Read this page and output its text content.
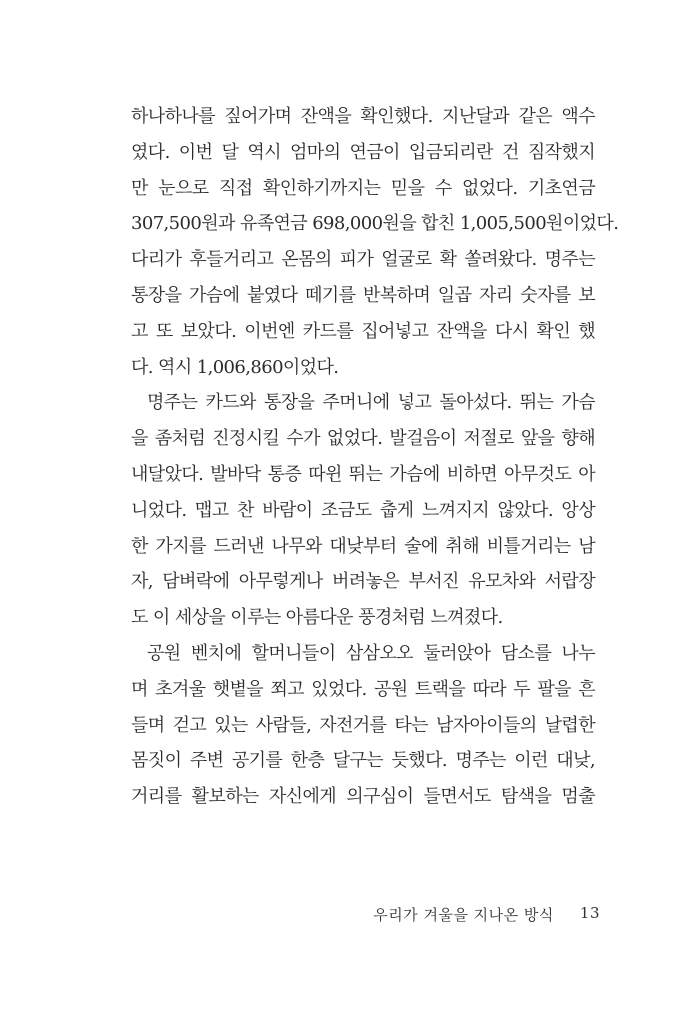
하나하나를 짚어가며 잔액을 확인했다. 지난달과 같은 액수
였다. 이번 달 역시 엄마의 연금이 입금되리란 건 짐작했지
만 눈으로 직접 확인하기까지는 믿을 수 없었다. 기초연금
307,500원과 유족연금 698,000원을 합친 1,005,500원이었다.
다리가 후들거리고 온몸의 피가 얼굴로 확 쏠려왔다. 명주는
통장을 가슴에 붙였다 떼기를 반복하며 일곱 자리 숫자를 보
고 또 보았다. 이번엔 카드를 집어넣고 잔액을 다시 확인 했
다. 역시 1,006,860이었다.
명주는 카드와 통장을 주머니에 넣고 돌아섰다. 뛰는 가슴
을 좀처럼 진정시킬 수가 없었다. 발걸음이 저절로 앞을 향해
내달았다. 발바닥 통증 따윈 뛰는 가슴에 비하면 아무것도 아
니었다. 맵고 찬 바람이 조금도 춥게 느껴지지 않았다. 앙상
한 가지를 드러낸 나무와 대낮부터 술에 취해 비틀거리는 남
자, 담벼락에 아무렇게나 버려놓은 부서진 유모차와 서랍장
도 이 세상을 이루는 아름다운 풍경처럼 느껴졌다.
공원 벤치에 할머니들이 삼삼오오 둘러앉아 담소를 나누
며 초겨울 햇볕을 쬐고 있었다. 공원 트랙을 따라 두 팔을 흔
들며 걷고 있는 사람들, 자전거를 타는 남자아이들의 날렵한
몸짓이 주변 공기를 한층 달구는 듯했다. 명주는 이런 대낮,
거리를 활보하는 자신에게 의구심이 들면서도 탐색을 멈출
우리가 겨울을 지나온 방식 13
